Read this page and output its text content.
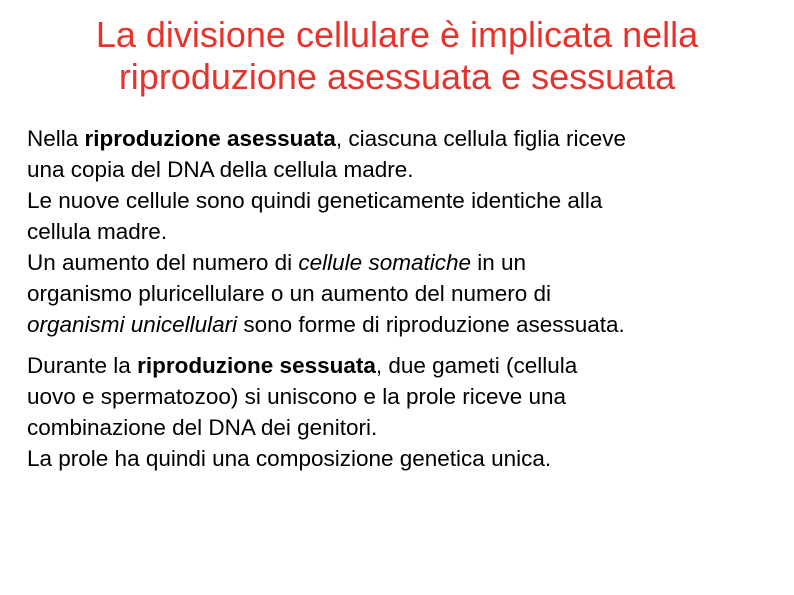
La divisione cellulare è implicata nella
riproduzione asessuata e sessuata
Nella riproduzione asessuata, ciascuna cellula figlia riceve
una copia del DNA della cellula madre.
Le nuove cellule sono quindi geneticamente identiche alla
cellula madre.
Un aumento del numero di cellule somatiche in un
organismo pluricellulare o un aumento del numero di
organismi unicellulari sono forme di riproduzione asessuata.
Durante la riproduzione sessuata, due gameti (cellula
uovo e spermatozoo) si uniscono e la prole riceve una
combinazione del DNA dei genitori.
La prole ha quindi una composizione genetica unica.
